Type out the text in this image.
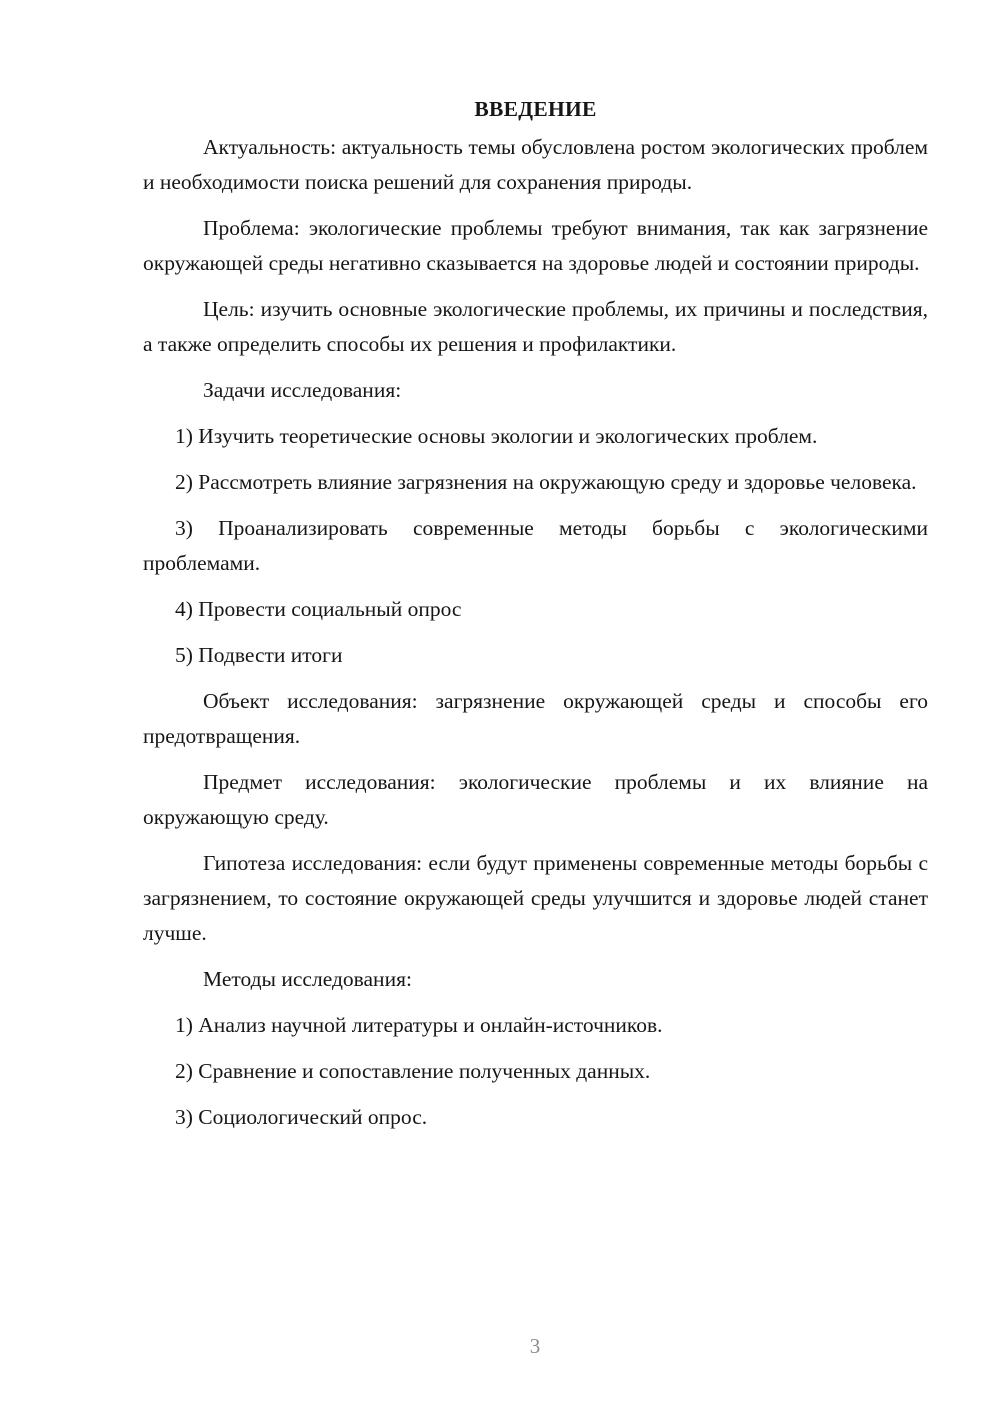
ВВЕДЕНИЕ

Актуальность: актуальность темы обусловлена ростом экологических проблем и необходимости поиска решений для сохранения природы.

Проблема: экологические проблемы требуют внимания, так как загрязнение окружающей среды негативно сказывается на здоровье людей и состоянии природы.

Цель: изучить основные экологические проблемы, их причины и последствия, а также определить способы их решения и профилактики.

Задачи исследования:

1) Изучить теоретические основы экологии и экологических проблем.

2) Рассмотреть влияние загрязнения на окружающую среду и здоровье человека.

3) Проанализировать современные методы борьбы с экологическими проблемами.

4) Провести социальный опрос

5) Подвести итоги

Объект исследования: загрязнение окружающей среды и способы его предотвращения.

Предмет исследования: экологические проблемы и их влияние на окружающую среду.

Гипотеза исследования: если будут применены современные методы борьбы с загрязнением, то состояние окружающей среды улучшится и здоровье людей станет лучше.

Методы исследования:

1) Анализ научной литературы и онлайн-источников.

2) Сравнение и сопоставление полученных данных.

3) Социологический опрос.

3
